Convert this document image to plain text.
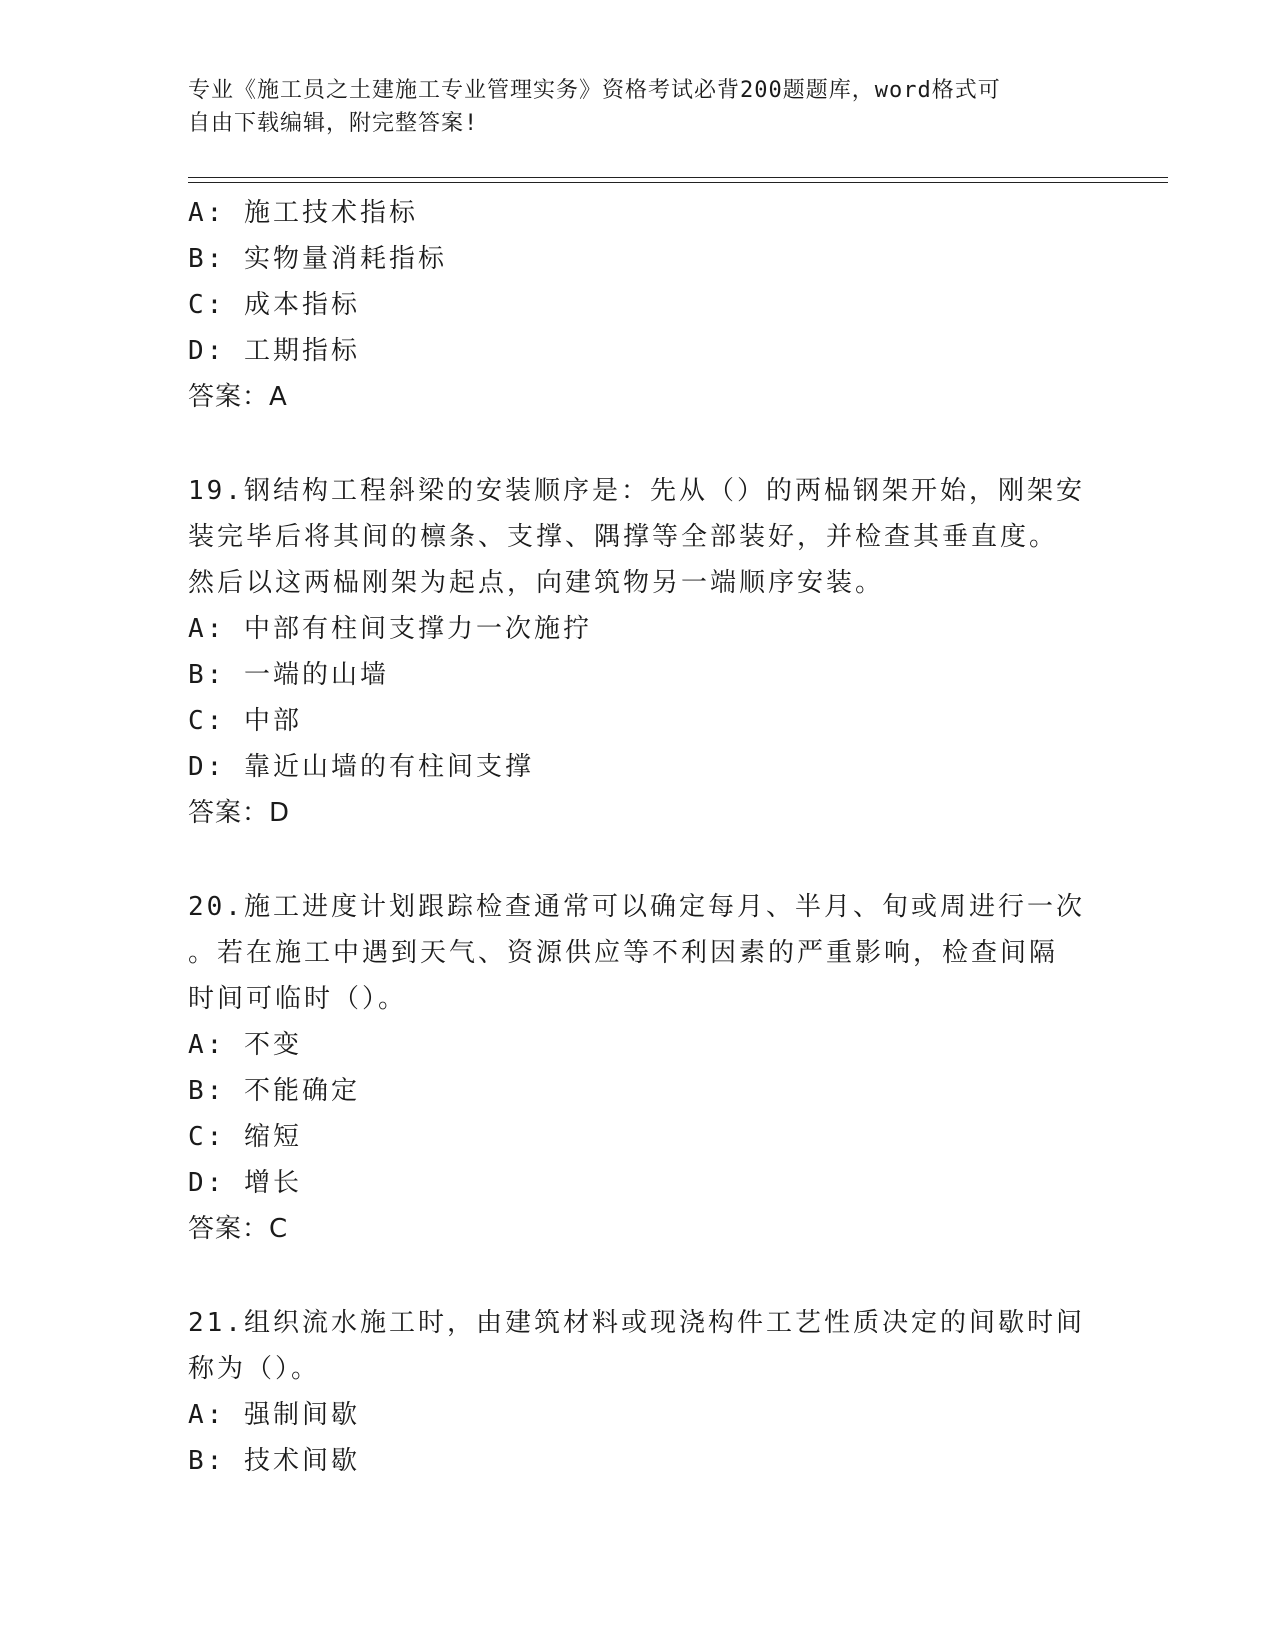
专业《施工员之土建施工专业管理实务》资格考试必背200题题库，word格式可
自由下载编辑，附完整答案!
A: 施工技术指标
B: 实物量消耗指标
C: 成本指标
D: 工期指标
答案：A
19.钢结构工程斜梁的安装顺序是：先从（）的两榀钢架开始，刚架安
装完毕后将其间的檩条、支撑、隅撑等全部装好，并检查其垂直度。
然后以这两榀刚架为起点，向建筑物另一端顺序安装。
A: 中部有柱间支撑力一次施拧
B: 一端的山墙
C: 中部
D: 靠近山墙的有柱间支撑
答案：D
20.施工进度计划跟踪检查通常可以确定每月、半月、旬或周进行一次
。若在施工中遇到天气、资源供应等不利因素的严重影响，检查间隔
时间可临时（）。
A: 不变
B: 不能确定
C: 缩短
D: 增长
答案：C
21.组织流水施工时，由建筑材料或现浇构件工艺性质决定的间歇时间
称为（）。
A: 强制间歇
B: 技术间歇
